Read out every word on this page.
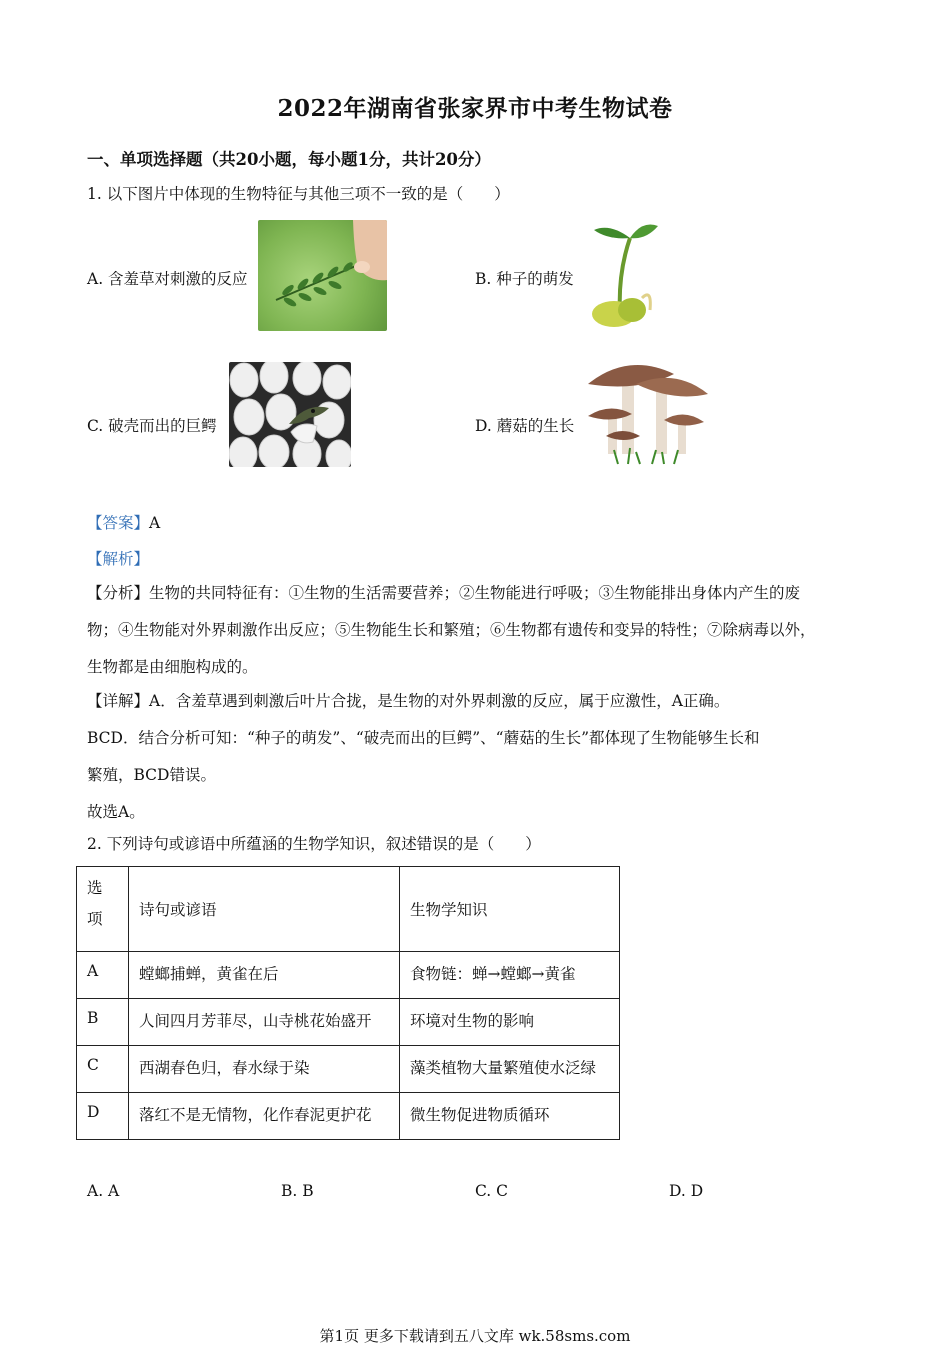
2022年湖南省张家界市中考生物试卷
一、单项选择题（共20小题，每小题1分，共计20分）
1. 以下图片中体现的生物特征与其他三项不一致的是（　　）
A. 含羞草对刺激的反应	B. 种子的萌发
C. 破壳而出的巨鳄	D. 蘑菇的生长
【答案】A
【解析】
【分析】生物的共同特征有：①生物的生活需要营养；②生物能进行呼吸；③生物能排出身体内产生的废
物；④生物能对外界刺激作出反应；⑤生物能生长和繁殖；⑥生物都有遗传和变异的特性；⑦除病毒以外，
生物都是由细胞构成的。
【详解】A．含羞草遇到刺激后叶片合拢，是生物的对外界刺激的反应，属于应激性，A正确。
BCD．结合分析可知：“种子的萌发”、“破壳而出的巨鳄”、“蘑菇的生长”都体现了生物能够生长和
繁殖，BCD错误。
故选A。
2. 下列诗句或谚语中所蕴涵的生物学知识，叙述错误的是（　　）
选
项	诗句或谚语	生物学知识
A	螳螂捕蝉，黄雀在后	食物链：蝉→螳螂→黄雀
B	人间四月芳菲尽，山寺桃花始盛开	环境对生物的影响
C	西湖春色归，春水绿于染	藻类植物大量繁殖使水泛绿
D	落红不是无情物，化作春泥更护花	微生物促进物质循环
A. A	B. B	C. C	D. D
第1页 更多下载请到五八文库 wk.58sms.com
